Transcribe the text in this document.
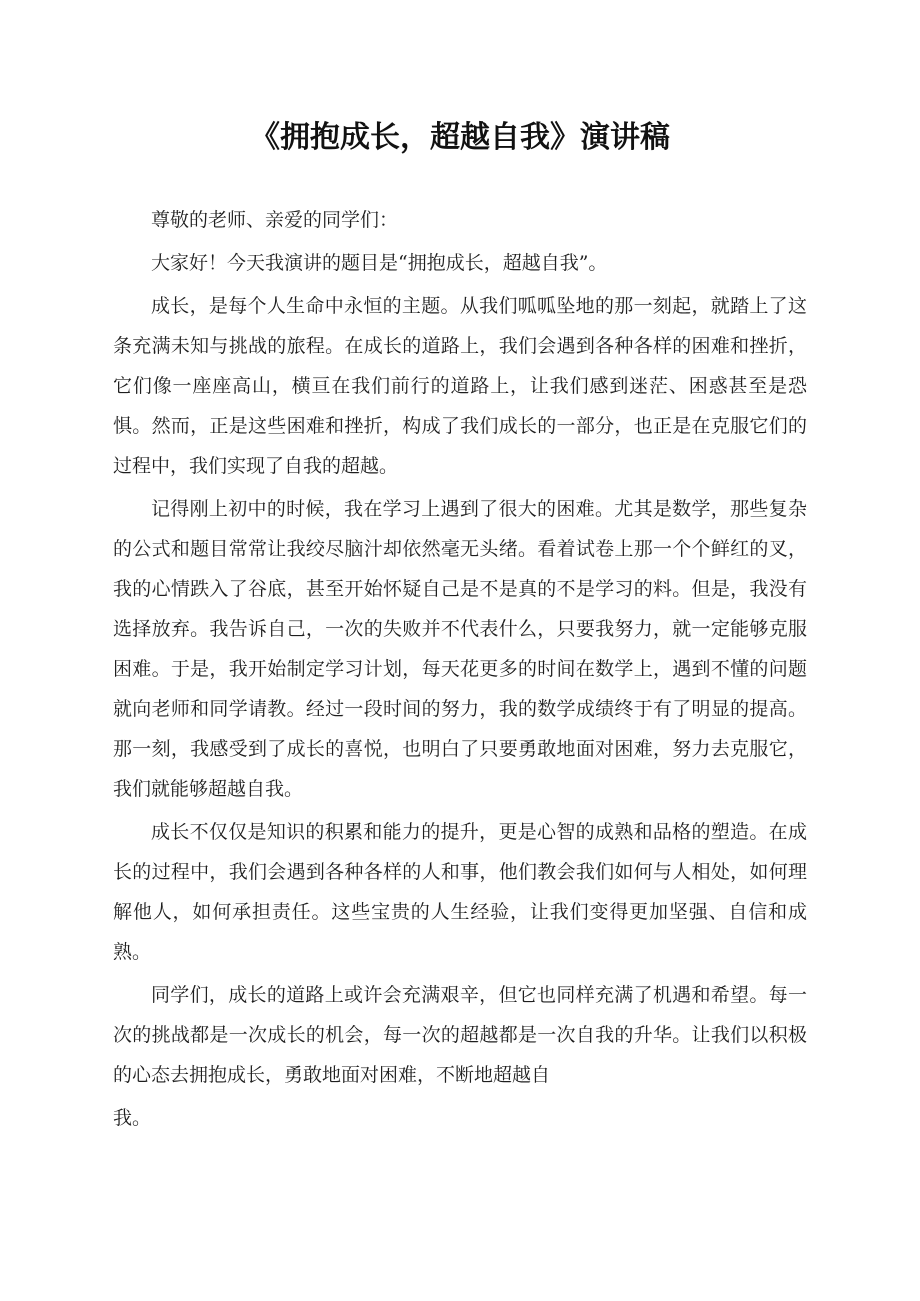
《拥抱成长，超越自我》演讲稿

尊敬的老师、亲爱的同学们：

大家好！今天我演讲的题目是“拥抱成长，超越自我”。

成长，是每个人生命中永恒的主题。从我们呱呱坠地的那一刻起，就踏上了这条充满未知与挑战的旅程。在成长的道路上，我们会遇到各种各样的困难和挫折，它们像一座座高山，横亘在我们前行的道路上，让我们感到迷茫、困惑甚至是恐惧。然而，正是这些困难和挫折，构成了我们成长的一部分，也正是在克服它们的过程中，我们实现了自我的超越。

记得刚上初中的时候，我在学习上遇到了很大的困难。尤其是数学，那些复杂的公式和题目常常让我绞尽脑汁却依然毫无头绪。看着试卷上那一个个鲜红的叉，我的心情跌入了谷底，甚至开始怀疑自己是不是真的不是学习的料。但是，我没有选择放弃。我告诉自己，一次的失败并不代表什么，只要我努力，就一定能够克服困难。于是，我开始制定学习计划，每天花更多的时间在数学上，遇到不懂的问题就向老师和同学请教。经过一段时间的努力，我的数学成绩终于有了明显的提高。那一刻，我感受到了成长的喜悦，也明白了只要勇敢地面对困难，努力去克服它，我们就能够超越自我。

成长不仅仅是知识的积累和能力的提升，更是心智的成熟和品格的塑造。在成长的过程中，我们会遇到各种各样的人和事，他们教会我们如何与人相处，如何理解他人，如何承担责任。这些宝贵的人生经验，让我们变得更加坚强、自信和成熟。

同学们，成长的道路上或许会充满艰辛，但它也同样充满了机遇和希望。每一次的挑战都是一次成长的机会，每一次的超越都是一次自我的升华。让我们以积极的心态去拥抱成长，勇敢地面对困难，不断地超越自

我。
